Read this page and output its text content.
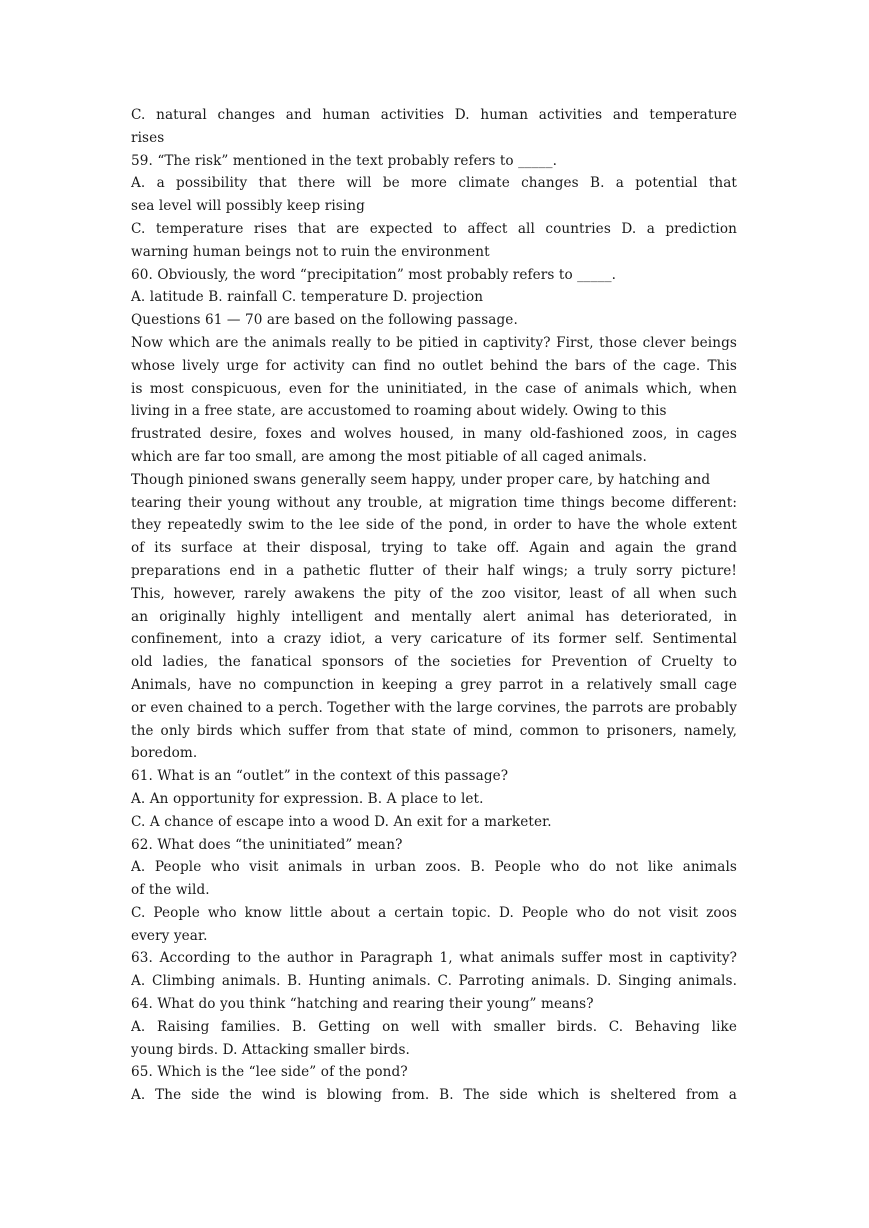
C. natural changes and human activities D. human activities and temperature
rises
59. “The risk” mentioned in the text probably refers to _____.
A. a possibility that there will be more climate changes B. a potential that
sea level will possibly keep rising
C. temperature rises that are expected to affect all countries D. a prediction
warning human beings not to ruin the environment
60. Obviously, the word “precipitation” most probably refers to _____.
A. latitude B. rainfall C. temperature D. projection
Questions 61 — 70 are based on the following passage.
Now which are the animals really to be pitied in captivity? First, those clever beings
whose lively urge for activity can find no outlet behind the bars of the cage. This
is most conspicuous, even for the uninitiated, in the case of animals which, when
living in a free state, are accustomed to roaming about widely. Owing to this
frustrated desire, foxes and wolves housed, in many old-fashioned zoos, in cages
which are far too small, are among the most pitiable of all caged animals.
Though pinioned swans generally seem happy, under proper care, by hatching and
tearing their young without any trouble, at migration time things become different:
they repeatedly swim to the lee side of the pond, in order to have the whole extent
of its surface at their disposal, trying to take off. Again and again the grand
preparations end in a pathetic flutter of their half wings; a truly sorry picture!
This, however, rarely awakens the pity of the zoo visitor, least of all when such
an originally highly intelligent and mentally alert animal has deteriorated, in
confinement, into a crazy idiot, a very caricature of its former self. Sentimental
old ladies, the fanatical sponsors of the societies for Prevention of Cruelty to
Animals, have no compunction in keeping a grey parrot in a relatively small cage
or even chained to a perch. Together with the large corvines, the parrots are probably
the only birds which suffer from that state of mind, common to prisoners, namely,
boredom.
61. What is an “outlet” in the context of this passage?
A. An opportunity for expression. B. A place to let.
C. A chance of escape into a wood D. An exit for a marketer.
62. What does “the uninitiated” mean?
A. People who visit animals in urban zoos. B. People who do not like animals
of the wild.
C. People who know little about a certain topic. D. People who do not visit zoos
every year.
63. According to the author in Paragraph 1, what animals suffer most in captivity?
A. Climbing animals. B. Hunting animals. C. Parroting animals. D. Singing animals.
64. What do you think “hatching and rearing their young” means?
A. Raising families. B. Getting on well with smaller birds. C. Behaving like
young birds. D. Attacking smaller birds.
65. Which is the “lee side” of the pond?
A. The side the wind is blowing from. B. The side which is sheltered from a
